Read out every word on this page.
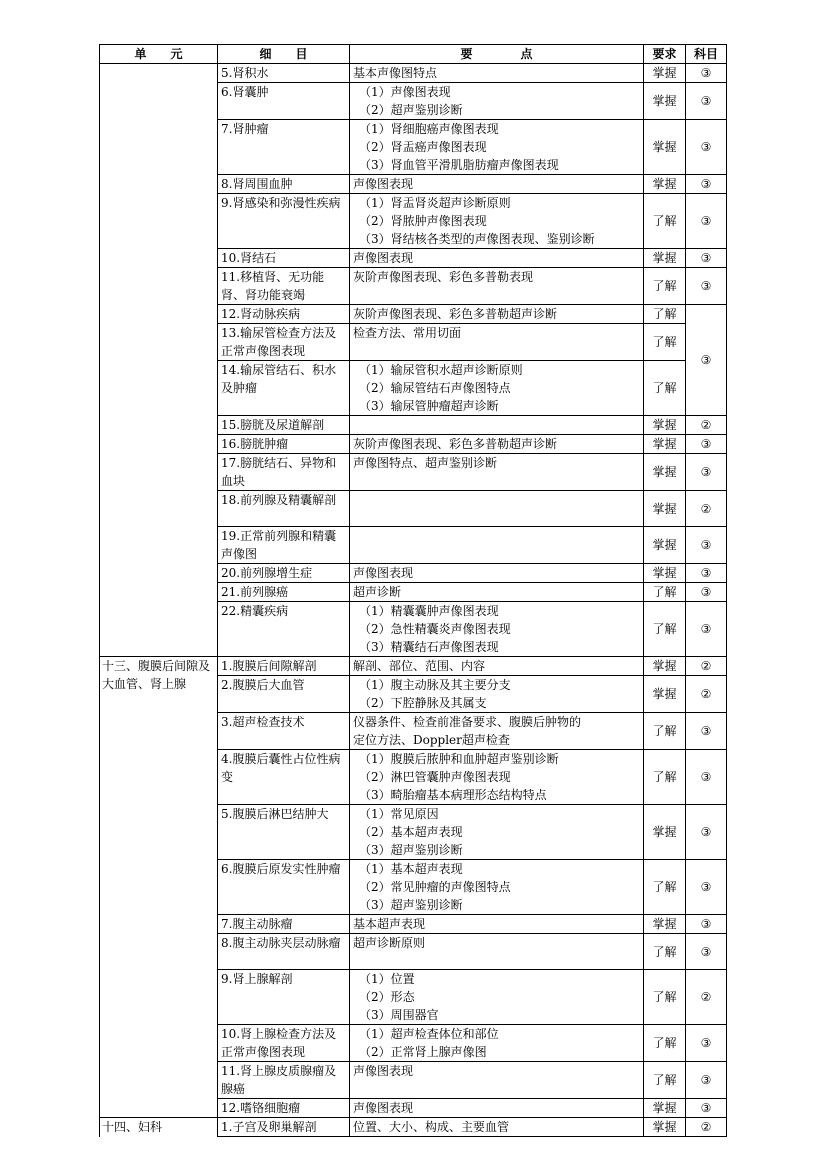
单　　元	细　　目	要　　　　点	要求	科目
	5.肾积水	基本声像图特点	掌握	③
	6.肾囊肿	（1）声像图表现
（2）超声鉴别诊断	掌握	③
	7.肾肿瘤	（1）肾细胞癌声像图表现
（2）肾盂癌声像图表现
（3）肾血管平滑肌脂肪瘤声像图表现	掌握	③
	8.肾周围血肿	声像图表现	掌握	③
	9.肾感染和弥漫性疾病	（1）肾盂肾炎超声诊断原则
（2）肾脓肿声像图表现
（3）肾结核各类型的声像图表现、鉴别诊断	了解	③
	10.肾结石	声像图表现	掌握	③
	11.移植肾、无功能肾、肾功能衰竭	灰阶声像图表现、彩色多普勒表现	了解	③
	12.肾动脉疾病	灰阶声像图表现、彩色多普勒超声诊断	了解	③
	13.输尿管检查方法及正常声像图表现	检查方法、常用切面	了解	
	14.输尿管结石、积水及肿瘤	（1）输尿管积水超声诊断原则
（2）输尿管结石声像图特点
（3）输尿管肿瘤超声诊断	了解	
	15.膀胱及尿道解剖		掌握	②
	16.膀胱肿瘤	灰阶声像图表现、彩色多普勒超声诊断	掌握	③
	17.膀胱结石、异物和血块	声像图特点、超声鉴别诊断	掌握	③
	18.前列腺及精囊解剖		掌握	②
	19.正常前列腺和精囊声像图		掌握	③
	20.前列腺增生症	声像图表现	掌握	③
	21.前列腺癌	超声诊断	了解	③
	22.精囊疾病	（1）精囊囊肿声像图表现
（2）急性精囊炎声像图表现
（3）精囊结石声像图表现	了解	③
十三、腹膜后间隙及大血管、肾上腺	1.腹膜后间隙解剖	解剖、部位、范围、内容	掌握	②
	2.腹膜后大血管	（1）腹主动脉及其主要分支
（2）下腔静脉及其属支	掌握	②
	3.超声检查技术	仪器条件、检查前准备要求、腹膜后肿物的
定位方法、Doppler超声检查	了解	③
	4.腹膜后囊性占位性病变	（1）腹膜后脓肿和血肿超声鉴别诊断
（2）淋巴管囊肿声像图表现
（3）畸胎瘤基本病理形态结构特点	了解	③
	5.腹膜后淋巴结肿大	（1）常见原因
（2）基本超声表现
（3）超声鉴别诊断	掌握	③
	6.腹膜后原发实性肿瘤	（1）基本超声表现
（2）常见肿瘤的声像图特点
（3）超声鉴别诊断	了解	③
	7.腹主动脉瘤	基本超声表现	掌握	③
	8.腹主动脉夹层动脉瘤	超声诊断原则	了解	③
	9.肾上腺解剖	（1）位置
（2）形态
（3）周围器官	了解	②
	10.肾上腺检查方法及正常声像图表现	（1）超声检查体位和部位
（2）正常肾上腺声像图	了解	③
	11.肾上腺皮质腺瘤及腺癌	声像图表现	了解	③
	12.嗜铬细胞瘤	声像图表现	掌握	③
十四、妇科	1.子宫及卵巢解剖	位置、大小、构成、主要血管	掌握	②
